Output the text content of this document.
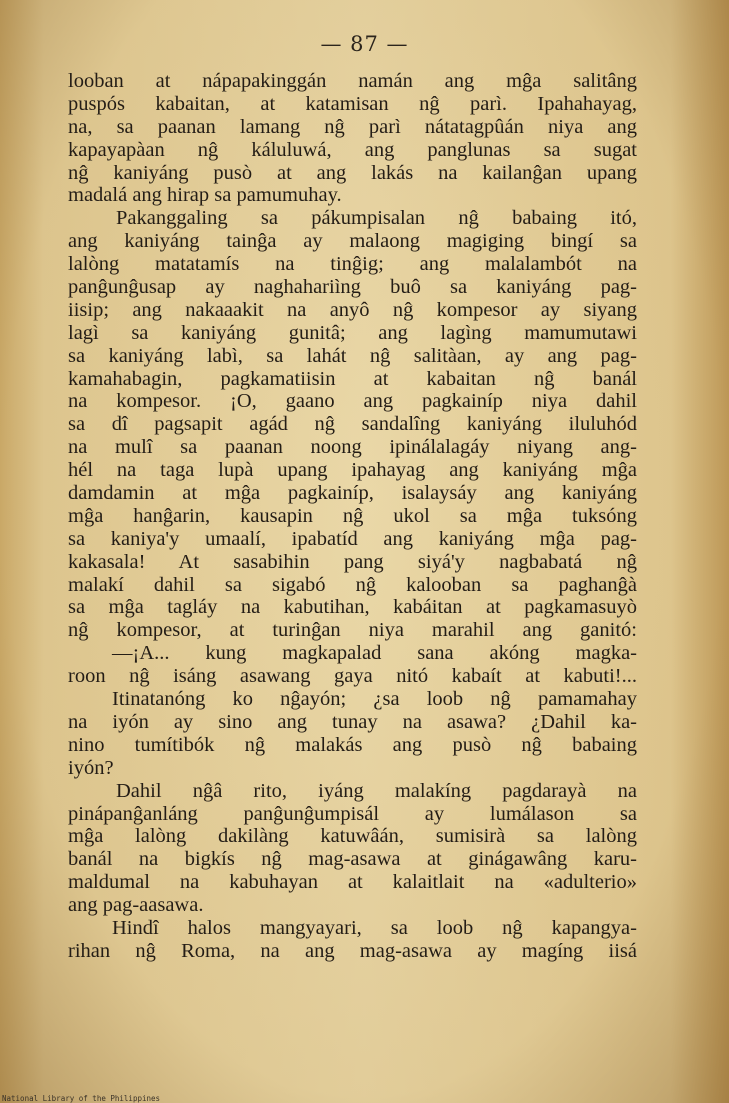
— 87 —
looban at nápapakinggán namán ang mĝa salitâng
puspós kabaitan, at katamisan nĝ parì. Ipahahayag,
na, sa paanan lamang nĝ parì nátatagpûán niya ang
kapayapàan nĝ káluluwá, ang panglunas sa sugat
nĝ kaniyáng pusò at ang lakás na kailanĝan upang
madalá ang hirap sa pamumuhay.
Pakanggaling sa pákumpisalan nĝ babaing itó,
ang kaniyáng tainĝa ay malaong magiging bingí sa
lalòng matatamís na tinĝig; ang malalambót na
panĝunĝusap ay naghahariìng buô sa kaniyáng pag-
iisip; ang nakaaakit na anyô nĝ kompesor ay siyang
lagì sa kaniyáng gunitâ; ang lagìng mamumutawi
sa kaniyáng labì, sa lahát nĝ salitàan, ay ang pag-
kamahabagin, pagkamatiisin at kabaitan nĝ banál
na kompesor. ¡O, gaano ang pagkainíp niya dahil
sa dî pagsapit agád nĝ sandalîng kaniyáng iluluhód
na mulî sa paanan noong ipinálalagáy niyang ang-
hél na taga lupà upang ipahayag ang kaniyáng mĝa
damdamin at mĝa pagkainíp, isalaysáy ang kaniyáng
mĝa hanĝarin, kausapin nĝ ukol sa mĝa tuksóng
sa kaniya'y umaalí, ipabatíd ang kaniyáng mĝa pag-
kakasala! At sasabihin pang siyá'y nagbabatá nĝ
malakí dahil sa sigabó nĝ kalooban sa paghanĝà
sa mĝa tagláy na kabutihan, kabáitan at pagkamasuyò
nĝ kompesor, at turinĝan niya marahil ang ganitó:
—¡A... kung magkapalad sana akóng magka-
roon nĝ isáng asawang gaya nitó kabaít at kabuti!...
Itinatanóng ko nĝayón; ¿sa loob nĝ pamamahay
na iyón ay sino ang tunay na asawa? ¿Dahil ka-
nino tumítibók nĝ malakás ang pusò nĝ babaing
iyón?
Dahil nĝâ rito, iyáng malakíng pagdarayà na
pinápanĝanláng panĝunĝumpisál ay lumálason sa
mĝa lalòng dakilàng katuwâán, sumisirà sa lalòng
banál na bigkís nĝ mag-asawa at ginágawâng karu-
maldumal na kabuhayan at kalaitlait na «adulterio»
ang pag-aasawa.
Hindî halos mangyayari, sa loob nĝ kapangya-
rihan nĝ Roma, na ang mag-asawa ay magíng iisá
National Library of the Philippines
